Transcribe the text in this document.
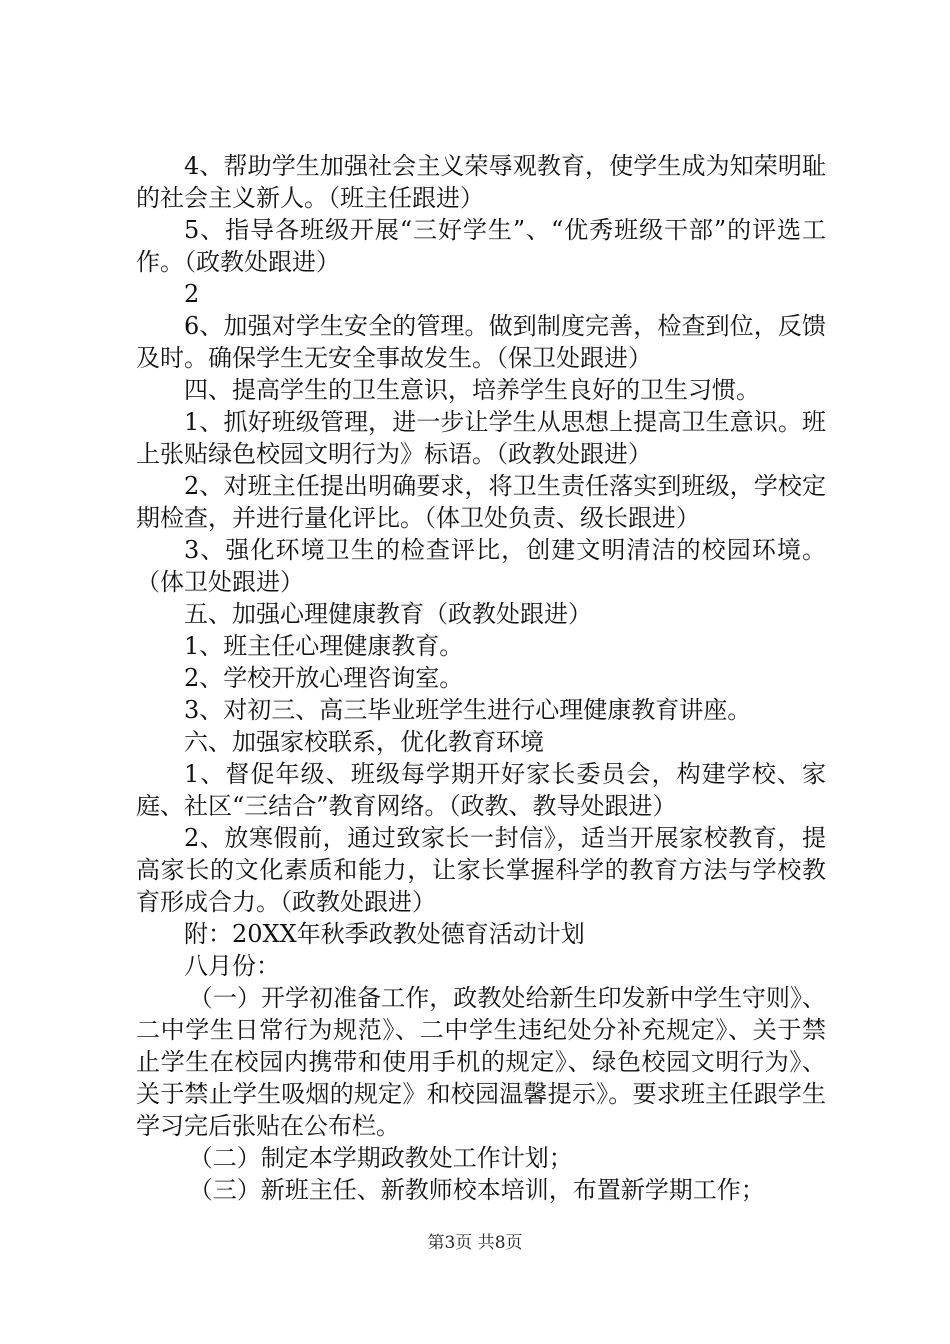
4、帮助学生加强社会主义荣辱观教育，使学生成为知荣明耻的社会主义新人。（班主任跟进）

5、指导各班级开展“三好学生”、“优秀班级干部”的评选工作。（政教处跟进）

2

6、加强对学生安全的管理。做到制度完善，检查到位，反馈及时。确保学生无安全事故发生。（保卫处跟进）

四、提高学生的卫生意识，培养学生良好的卫生习惯。

1、抓好班级管理，进一步让学生从思想上提高卫生意识。班上张贴绿色校园文明行为》标语。（政教处跟进）

2、对班主任提出明确要求，将卫生责任落实到班级，学校定期检查，并进行量化评比。（体卫处负责、级长跟进）

3、强化环境卫生的检查评比，创建文明清洁的校园环境。（体卫处跟进）

五、加强心理健康教育（政教处跟进）

1、班主任心理健康教育。

2、学校开放心理咨询室。

3、对初三、高三毕业班学生进行心理健康教育讲座。

六、加强家校联系，优化教育环境

1、督促年级、班级每学期开好家长委员会，构建学校、家庭、社区“三结合”教育网络。（政教、教导处跟进）

2、放寒假前，通过致家长一封信》，适当开展家校教育，提高家长的文化素质和能力，让家长掌握科学的教育方法与学校教育形成合力。（政教处跟进）

附：20XX年秋季政教处德育活动计划

八月份：

（一）开学初准备工作，政教处给新生印发新中学生守则》、二中学生日常行为规范》、二中学生违纪处分补充规定》、关于禁止学生在校园内携带和使用手机的规定》、绿色校园文明行为》、关于禁止学生吸烟的规定》和校园温馨提示》。要求班主任跟学生学习完后张贴在公布栏。

（二）制定本学期政教处工作计划；

（三）新班主任、新教师校本培训，布置新学期工作；

第3页 共8页
